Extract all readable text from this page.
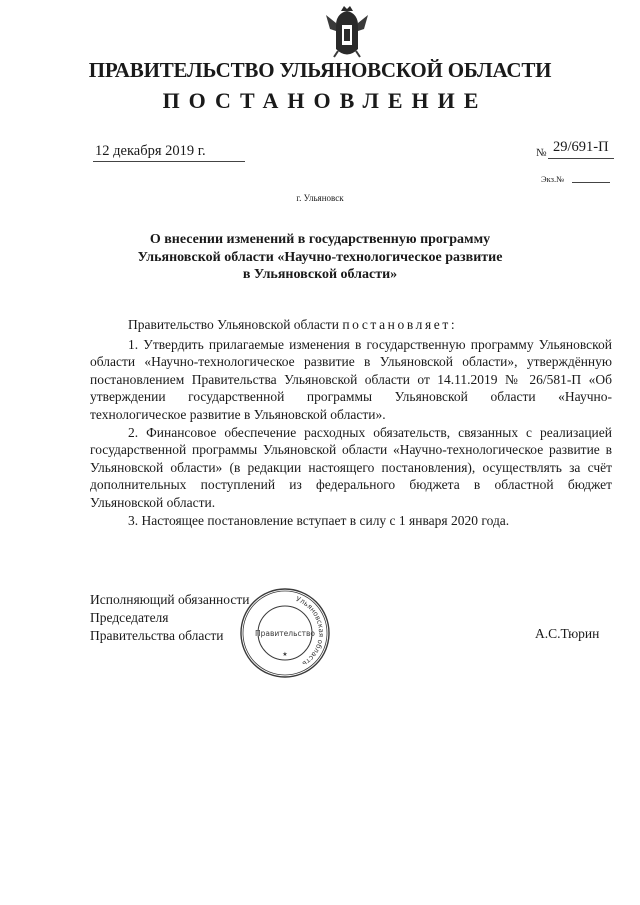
ПРАВИТЕЛЬСТВО УЛЬЯНОВСКОЙ ОБЛАСТИ
ПОСТАНОВЛЕНИЕ
12 декабря 2019 г.	№ 29/691-П
Экз.№
г. Ульяновск
О внесении изменений в государственную программу
Ульяновской области «Научно-технологическое развитие
в Ульяновской области»

Правительство Ульяновской области постановляет:

1. Утвердить прилагаемые изменения в государственную программу Ульяновской области «Научно-технологическое развитие в Ульяновской области», утверждённую постановлением Правительства Ульяновской области от 14.11.2019 № 26/581-П «Об утверждении государственной программы Ульяновской области «Научно-технологическое развитие в Ульяновской области».

2. Финансовое обеспечение расходных обязательств, связанных с реализацией государственной программы Ульяновской области «Научно-технологическое развитие в Ульяновской области» (в редакции настоящего постановления), осуществлять за счёт дополнительных поступлений из федерального бюджета в областной бюджет Ульяновской области.

3. Настоящее постановление вступает в силу с 1 января 2020 года.

Исполняющий обязанности
Председателя
Правительства области	А.С.Тюрин
Ульяновская область
Правительство
★
